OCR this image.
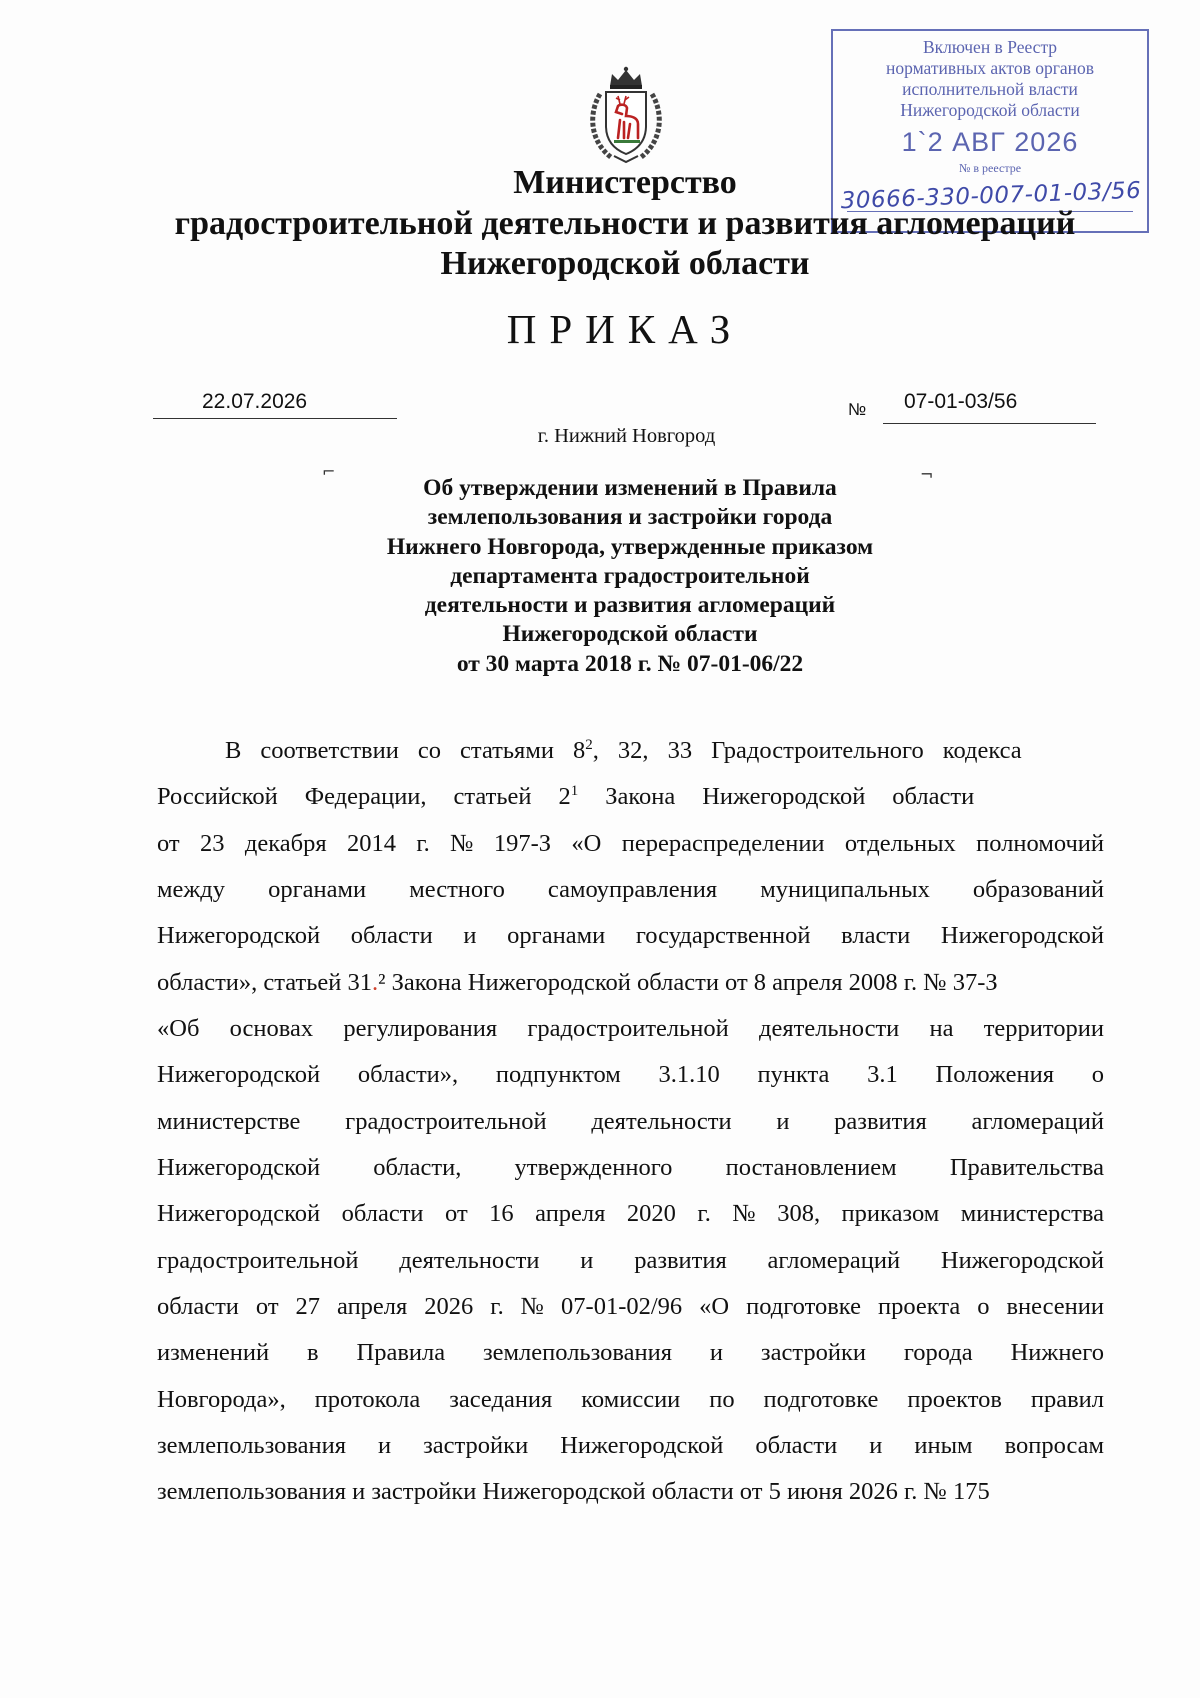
Включен в Реестр
нормативных актов органов
исполнительной власти
Нижегородской области
1`2 АВГ 2026
№ в реестре
30666-330-007-01-03/56
Министерство
градостроительной деятельности и развития агломераций
Нижегородской области
ПРИКАЗ
22.07.2026	№ 07-01-03/56
г. Нижний Новгород
⌐	¬
Об утверждении изменений в Правила
землепользования и застройки города
Нижнего Новгорода, утвержденные приказом
департамента градостроительной
деятельности и развития агломераций
Нижегородской области
от 30 марта 2018 г. № 07-01-06/22
В соответствии со статьями $8^2$, 32, 33 Градостроительного кодекса
Российской Федерации, статьей $2^1$ Закона Нижегородской области
от 23 декабря 2014 г. № 197-З «О перераспределении отдельных полномочий
между органами местного самоуправления муниципальных образований
Нижегородской области и органами государственной власти Нижегородской
области», статьей 31.² Закона Нижегородской области от 8 апреля 2008 г. № 37-З
«Об основах регулирования градостроительной деятельности на территории
Нижегородской области», подпунктом 3.1.10 пункта 3.1 Положения о
министерстве градостроительной деятельности и развития агломераций
Нижегородской области, утвержденного постановлением Правительства
Нижегородской области от 16 апреля 2020 г. № 308, приказом министерства
градостроительной деятельности и развития агломераций Нижегородской
области от 27 апреля 2026 г. № 07-01-02/96 «О подготовке проекта о внесении
изменений в Правила землепользования и застройки города Нижнего
Новгорода», протокола заседания комиссии по подготовке проектов правил
землепользования и застройки Нижегородской области и иным вопросам
землепользования и застройки Нижегородской области от 5 июня 2026 г. № 175
